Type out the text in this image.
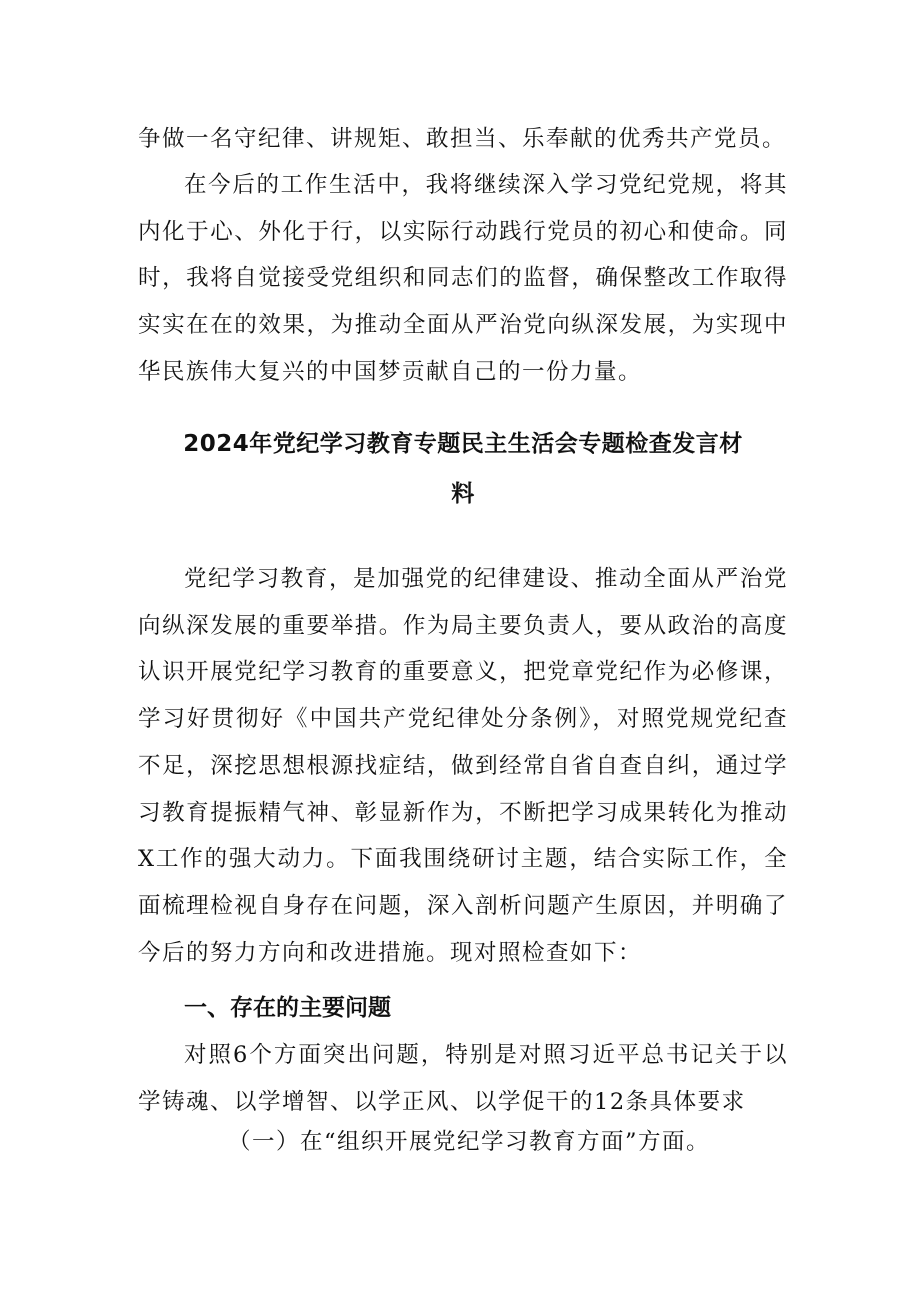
争做一名守纪律、讲规矩、敢担当、乐奉献的优秀共产党员。

在今后的工作生活中，我将继续深入学习党纪党规，将其内化于心、外化于行，以实际行动践行党员的初心和使命。同时，我将自觉接受党组织和同志们的监督，确保整改工作取得实实在在的效果，为推动全面从严治党向纵深发展，为实现中华民族伟大复兴的中国梦贡献自己的一份力量。

2024年党纪学习教育专题民主生活会专题检查发言材
料

党纪学习教育，是加强党的纪律建设、推动全面从严治党向纵深发展的重要举措。作为局主要负责人，要从政治的高度认识开展党纪学习教育的重要意义，把党章党纪作为必修课，学习好贯彻好《中国共产党纪律处分条例》，对照党规党纪查不足，深挖思想根源找症结，做到经常自省自查自纠，通过学习教育提振精气神、彰显新作为，不断把学习成果转化为推动X工作的强大动力。下面我围绕研讨主题，结合实际工作，全面梳理检视自身存在问题，深入剖析问题产生原因，并明确了今后的努力方向和改进措施。现对照检查如下：

一、存在的主要问题

对照6个方面突出问题，特别是对照习近平总书记关于以学铸魂、以学增智、以学正风、以学促干的12条具体要求

（一）在“组织开展党纪学习教育方面”方面。
